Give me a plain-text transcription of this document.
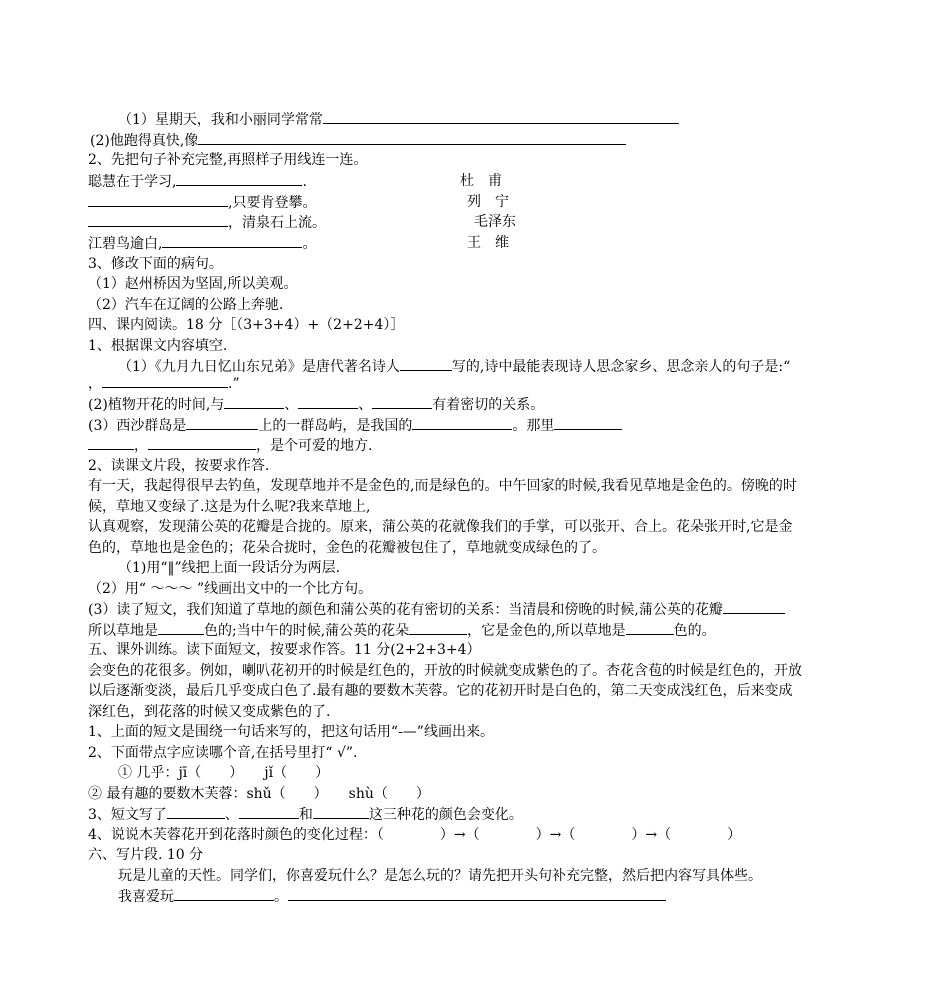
（1）星期天，我和小丽同学常常
(2)他跑得真快,像
2、先把句子补充完整,再照样子用线连一连。
聪慧在于学习,	.	杜　甫
,只要肯登攀。	列　宁
，清泉石上流。	毛泽东
江碧鸟逾白,	。	王　维
3、修改下面的病句。
（1）赵州桥因为坚固,所以美观。
（2）汽车在辽阔的公路上奔驰.
四、课内阅读。18 分［（3+3+4）+（2+2+4）］
1、根据课文内容填空.
（1）《九月九日忆山东兄弟》是唐代著名诗人	写的,诗中最能表现诗人思念家乡、思念亲人的句子是:“
，	.”
(2)植物开花的时间,与	、	、	有着密切的关系。
(3）西沙群岛是	上的一群岛屿，是我国的	。那里
，	，是个可爱的地方.
2、读课文片段，按要求作答.
有一天，我起得很早去钓鱼，发现草地并不是金色的,而是绿色的。中午回家的时候,我看见草地是金色的。傍晚的时
候，草地又变绿了.这是为什么呢?我来草地上,
认真观察，发现蒲公英的花瓣是合拢的。原来，蒲公英的花就像我们的手掌，可以张开、合上。花朵张开时,它是金
色的，草地也是金色的；花朵合拢时，金色的花瓣被包住了，草地就变成绿色的了。
（1)用“‖”线把上面一段话分为两层.
（2）用“ ～～～ ”线画出文中的一个比方句。
(3）读了短文，我们知道了草地的颜色和蒲公英的花有密切的关系：当清晨和傍晚的时候,蒲公英的花瓣
所以草地是	色的;当中午的时候,蒲公英的花朵	，它是金色的,所以草地是	色的。
五、课外训练。读下面短文，按要求作答。11 分(2+2+3+4）
会变色的花很多。例如，喇叭花初开的时候是红色的，开放的时候就变成紫色的了。杏花含苞的时候是红色的，开放
以后逐渐变淡，最后几乎变成白色了.最有趣的要数木芙蓉。它的花初开时是白色的，第二天变成浅红色，后来变成
深红色，到花落的时候又变成紫色的了.
1、上面的短文是围绕一句话来写的，把这句话用“-—”线画出来。
2、下面带点字应读哪个音,在括号里打“ √”.
① 几乎：jī（　　）　　jǐ（　　）
② 最有趣的要数木芙蓉：shǔ（　　）　　shù（　　）
3、短文写了	、	和	这三种花的颜色会变化。
4、说说木芙蓉花开到花落时颜色的变化过程：（　　　　）→（　　　　）→（　　　　）→（　　　　）
六、写片段. 10 分
玩是儿童的天性。同学们，你喜爱玩什么？是怎么玩的？请先把开头句补充完整，然后把内容写具体些。
我喜爱玩	。
